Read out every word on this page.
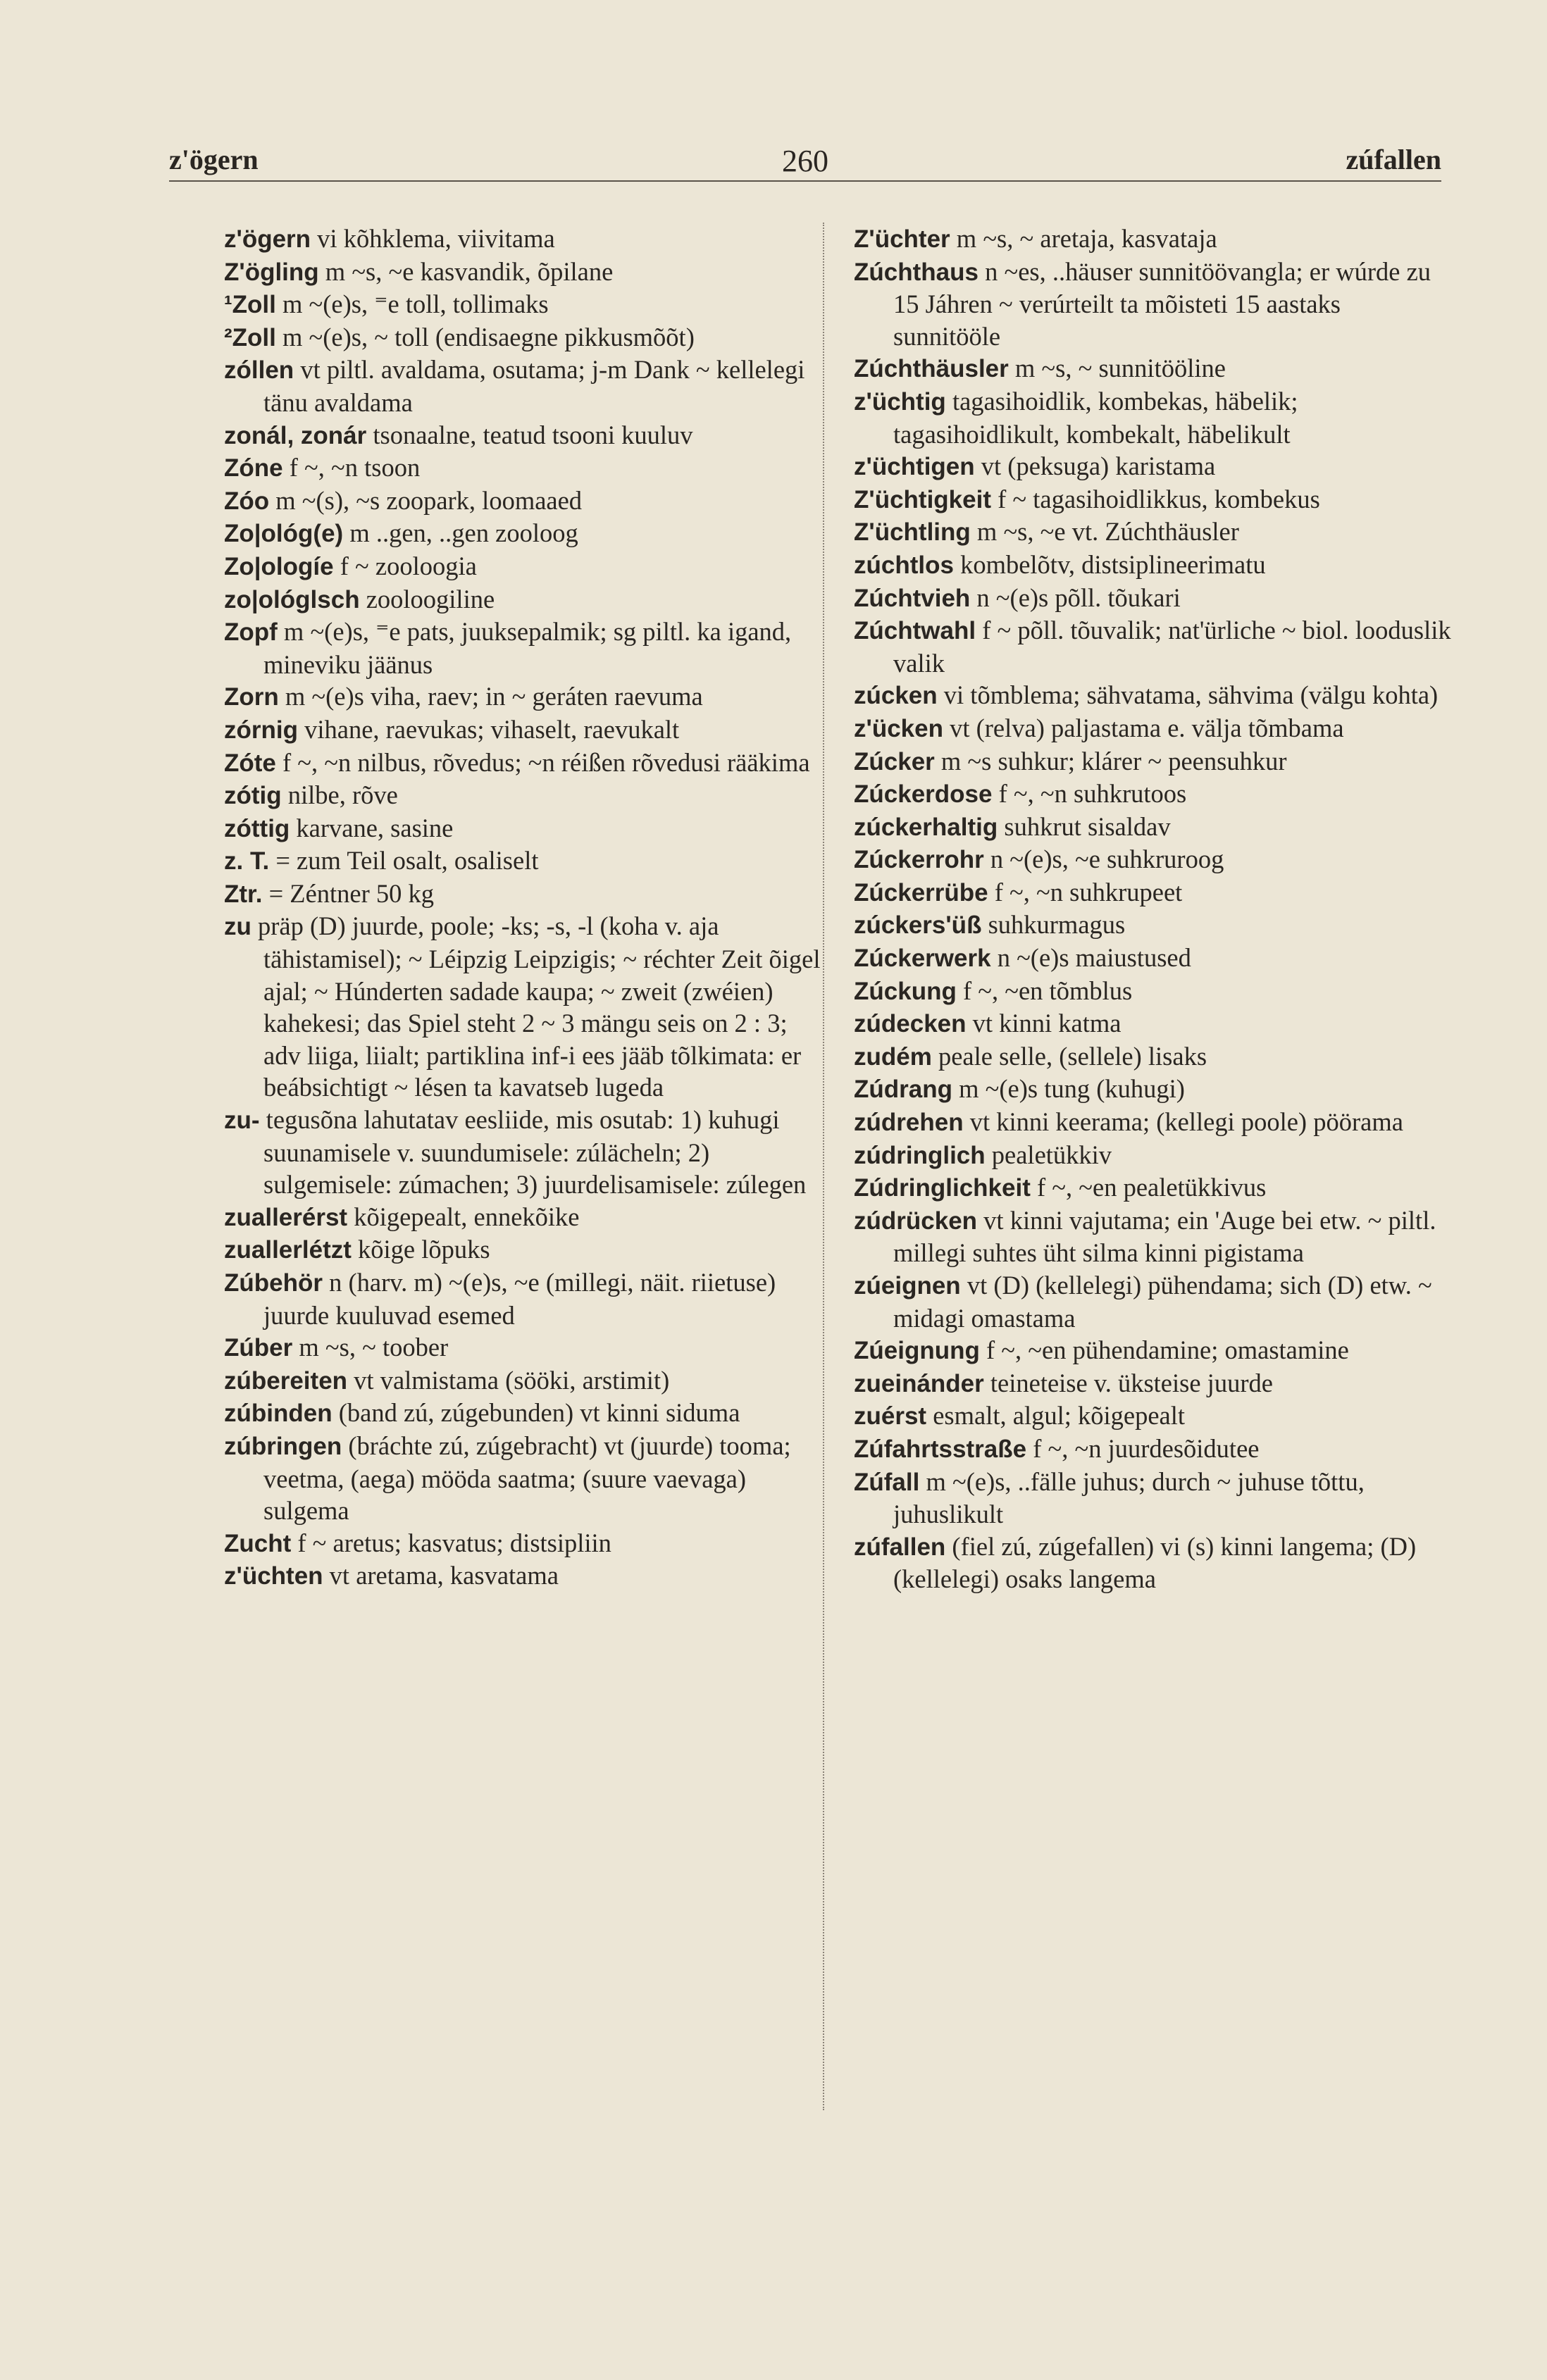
z'ögern	260	zúfallen

z'ögern vi kõhklema, viivitama

Z'ögling m ~s, ~e kasvandik, õpilane

¹Zoll m ~(e)s, ⁼e toll, tollimaks

²Zoll m ~(e)s, ~ toll (endisaegne pikkusmõõt)

zóllen vt piltl. avaldama, osutama; j-m Dank ~ kellelegi tänu avaldama

zonál, zonár tsonaalne, teatud tsooni kuuluv

Zóne f ~, ~n tsoon

Zóo m ~(s), ~s zoopark, loomaaed

Zo|ológ(e) m ..gen, ..gen zooloog

Zo|ologíe f ~ zooloogia

zo|ológlsch zooloogiline

Zopf m ~(e)s, ⁼e pats, juuksepalmik; sg piltl. ka igand, mineviku jäänus

Zorn m ~(e)s viha, raev; in ~ geráten raevuma

zórnig vihane, raevukas; vihaselt, raevukalt

Zóte f ~, ~n nilbus, rõvedus; ~n réißen rõvedusi rääkima

zótig nilbe, rõve

zóttig karvane, sasine

z. T. = zum Teil osalt, osaliselt

Ztr. = Zéntner 50 kg

zu präp (D) juurde, poole; -ks; -s, -l (koha v. aja tähistamisel); ~ Léipzig Leipzigis; ~ réchter Zeit õigel ajal; ~ Húnderten sadade kaupa; ~ zweit (zwéien) kahekesi; das Spiel steht 2 ~ 3 mängu seis on 2 : 3; adv liiga, liialt; partiklina inf-i ees jääb tõlkimata: er beábsichtigt ~ lésen ta kavatseb lugeda

zu- tegusõna lahutatav eesliide, mis osutab: 1) kuhugi suunamisele v. suundumisele: zúlächeln; 2) sulgemisele: zúmachen; 3) juurdelisamisele: zúlegen

zuallerérst kõigepealt, ennekõike

zuallerlétzt kõige lõpuks

Zúbehör n (harv. m) ~(e)s, ~e (millegi, näit. riietuse) juurde kuuluvad esemed

Zúber m ~s, ~ toober

zúbereiten vt valmistama (sööki, arstimit)

zúbinden (band zú, zúgebunden) vt kinni siduma

zúbringen (bráchte zú, zúgebracht) vt (juurde) tooma; veetma, (aega) mööda saatma; (suure vaevaga) sulgema

Zucht f ~ aretus; kasvatus; distsipliin

z'üchten vt aretama, kasvatama

Z'üchter m ~s, ~ aretaja, kasvataja

Zúchthaus n ~es, ..häuser sunnitöövangla; er wúrde zu 15 Jáhren ~ verúrteilt ta mõisteti 15 aastaks sunnitööle

Zúchthäusler m ~s, ~ sunnitööline

z'üchtig tagasihoidlik, kombekas, häbelik; tagasihoidlikult, kombekalt, häbelikult

z'üchtigen vt (peksuga) karistama

Z'üchtigkeit f ~ tagasihoidlikkus, kombekus

Z'üchtling m ~s, ~e vt. Zúchthäusler

zúchtlos kombelõtv, distsiplineerimatu

Zúchtvieh n ~(e)s põll. tõukari

Zúchtwahl f ~ põll. tõuvalik; nat'ürliche ~ biol. looduslik valik

zúcken vi tõmblema; sähvatama, sähvima (välgu kohta)

z'ücken vt (relva) paljastama e. välja tõmbama

Zúcker m ~s suhkur; klárer ~ peensuhkur

Zúckerdose f ~, ~n suhkrutoos

zúckerhaltig suhkrut sisaldav

Zúckerrohr n ~(e)s, ~e suhkruroog

Zúckerrübe f ~, ~n suhkrupeet

zúckers'üß suhkurmagus

Zúckerwerk n ~(e)s maiustused

Zúckung f ~, ~en tõmblus

zúdecken vt kinni katma

zudém peale selle, (sellele) lisaks

Zúdrang m ~(e)s tung (kuhugi)

zúdrehen vt kinni keerama; (kellegi poole) pöörama

zúdringlich pealetükkiv

Zúdringlichkeit f ~, ~en pealetükkivus

zúdrücken vt kinni vajutama; ein 'Auge bei etw. ~ piltl. millegi suhtes üht silma kinni pigistama

zúeignen vt (D) (kellelegi) pühendama; sich (D) etw. ~ midagi omastama

Zúeignung f ~, ~en pühendamine; omastamine

zueinánder teineteise v. üksteise juurde

zuérst esmalt, algul; kõigepealt

Zúfahrtsstraße f ~, ~n juurdesõidutee

Zúfall m ~(e)s, ..fälle juhus; durch ~ juhuse tõttu, juhuslikult

zúfallen (fiel zú, zúgefallen) vi (s) kinni langema; (D) (kellelegi) osaks langema
